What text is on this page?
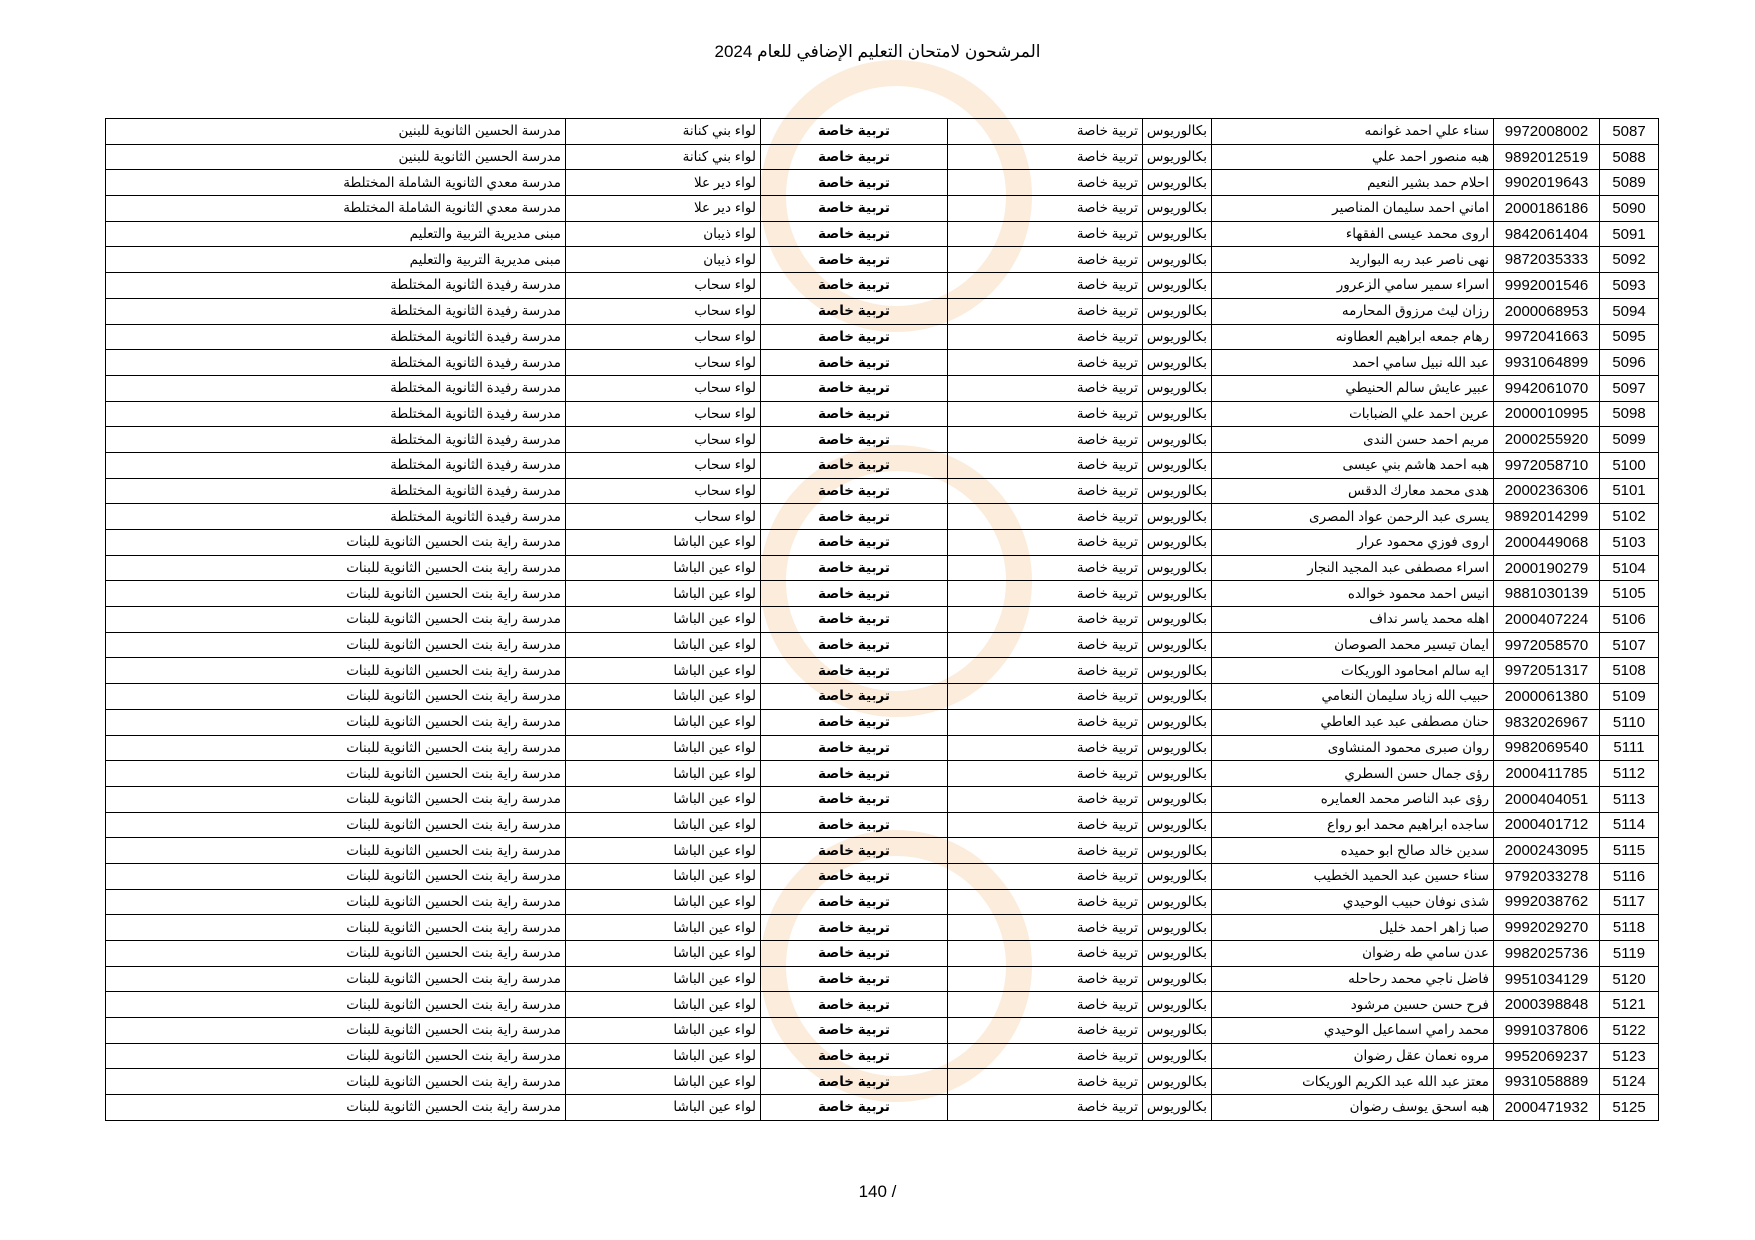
المرشحون لامتحان التعليم الإضافي للعام 2024
5087	9972008002	سناء علي احمد غوانمه	بكالوريوس	تربية خاصة	تربية خاصة	لواء بني كنانة	مدرسة الحسين الثانوية للبنين
5088	9892012519	هبه منصور احمد علي	بكالوريوس	تربية خاصة	تربية خاصة	لواء بني كنانة	مدرسة الحسين الثانوية للبنين
5089	9902019643	احلام حمد بشير النعيم	بكالوريوس	تربية خاصة	تربية خاصة	لواء دير علا	مدرسة معدي الثانوية الشاملة المختلطة
5090	2000186186	اماني احمد سليمان المناصير	بكالوريوس	تربية خاصة	تربية خاصة	لواء دير علا	مدرسة معدي الثانوية الشاملة المختلطة
5091	9842061404	اروى محمد عيسى الفقهاء	بكالوريوس	تربية خاصة	تربية خاصة	لواء ذيبان	مبنى مديرية التربية والتعليم
5092	9872035333	نهى ناصر عبد ربه البواريد	بكالوريوس	تربية خاصة	تربية خاصة	لواء ذيبان	مبنى مديرية التربية والتعليم
5093	9992001546	اسراء سمير سامي الزعرور	بكالوريوس	تربية خاصة	تربية خاصة	لواء سحاب	مدرسة رفيدة الثانوية المختلطة
5094	2000068953	رزان ليث مرزوق المحارمه	بكالوريوس	تربية خاصة	تربية خاصة	لواء سحاب	مدرسة رفيدة الثانوية المختلطة
5095	9972041663	رهام جمعه ابراهيم العطاونه	بكالوريوس	تربية خاصة	تربية خاصة	لواء سحاب	مدرسة رفيدة الثانوية المختلطة
5096	9931064899	عبد الله نبيل سامي احمد	بكالوريوس	تربية خاصة	تربية خاصة	لواء سحاب	مدرسة رفيدة الثانوية المختلطة
5097	9942061070	عبير عايش سالم الحنيطي	بكالوريوس	تربية خاصة	تربية خاصة	لواء سحاب	مدرسة رفيدة الثانوية المختلطة
5098	2000010995	عرين احمد علي الضبابات	بكالوريوس	تربية خاصة	تربية خاصة	لواء سحاب	مدرسة رفيدة الثانوية المختلطة
5099	2000255920	مريم احمد حسن الندى	بكالوريوس	تربية خاصة	تربية خاصة	لواء سحاب	مدرسة رفيدة الثانوية المختلطة
5100	9972058710	هبه احمد هاشم بني عيسى	بكالوريوس	تربية خاصة	تربية خاصة	لواء سحاب	مدرسة رفيدة الثانوية المختلطة
5101	2000236306	هدى محمد معارك الدقس	بكالوريوس	تربية خاصة	تربية خاصة	لواء سحاب	مدرسة رفيدة الثانوية المختلطة
5102	9892014299	يسرى عبد الرحمن عواد المصرى	بكالوريوس	تربية خاصة	تربية خاصة	لواء سحاب	مدرسة رفيدة الثانوية المختلطة
5103	2000449068	اروى فوزي محمود عرار	بكالوريوس	تربية خاصة	تربية خاصة	لواء عين الباشا	مدرسة راية بنت الحسين الثانوية للبنات
5104	2000190279	اسراء مصطفى عبد المجيد النجار	بكالوريوس	تربية خاصة	تربية خاصة	لواء عين الباشا	مدرسة راية بنت الحسين الثانوية للبنات
5105	9881030139	انيس احمد محمود خوالده	بكالوريوس	تربية خاصة	تربية خاصة	لواء عين الباشا	مدرسة راية بنت الحسين الثانوية للبنات
5106	2000407224	اهله محمد ياسر نداف	بكالوريوس	تربية خاصة	تربية خاصة	لواء عين الباشا	مدرسة راية بنت الحسين الثانوية للبنات
5107	9972058570	ايمان تيسير محمد الصوصان	بكالوريوس	تربية خاصة	تربية خاصة	لواء عين الباشا	مدرسة راية بنت الحسين الثانوية للبنات
5108	9972051317	ايه سالم امحامود الوريكات	بكالوريوس	تربية خاصة	تربية خاصة	لواء عين الباشا	مدرسة راية بنت الحسين الثانوية للبنات
5109	2000061380	حبيب الله زياد سليمان النعامي	بكالوريوس	تربية خاصة	تربية خاصة	لواء عين الباشا	مدرسة راية بنت الحسين الثانوية للبنات
5110	9832026967	حنان مصطفى عبد عبد العاطي	بكالوريوس	تربية خاصة	تربية خاصة	لواء عين الباشا	مدرسة راية بنت الحسين الثانوية للبنات
5111	9982069540	روان صبرى محمود المنشاوى	بكالوريوس	تربية خاصة	تربية خاصة	لواء عين الباشا	مدرسة راية بنت الحسين الثانوية للبنات
5112	2000411785	رؤى جمال حسن السطري	بكالوريوس	تربية خاصة	تربية خاصة	لواء عين الباشا	مدرسة راية بنت الحسين الثانوية للبنات
5113	2000404051	رؤى عبد الناصر محمد العمايره	بكالوريوس	تربية خاصة	تربية خاصة	لواء عين الباشا	مدرسة راية بنت الحسين الثانوية للبنات
5114	2000401712	ساجده ابراهيم محمد ابو رواع	بكالوريوس	تربية خاصة	تربية خاصة	لواء عين الباشا	مدرسة راية بنت الحسين الثانوية للبنات
5115	2000243095	سدين خالد صالح ابو حميده	بكالوريوس	تربية خاصة	تربية خاصة	لواء عين الباشا	مدرسة راية بنت الحسين الثانوية للبنات
5116	9792033278	سناء حسين عبد الحميد الخطيب	بكالوريوس	تربية خاصة	تربية خاصة	لواء عين الباشا	مدرسة راية بنت الحسين الثانوية للبنات
5117	9992038762	شذى نوفان حبيب الوحيدي	بكالوريوس	تربية خاصة	تربية خاصة	لواء عين الباشا	مدرسة راية بنت الحسين الثانوية للبنات
5118	9992029270	صبا زاهر احمد خليل	بكالوريوس	تربية خاصة	تربية خاصة	لواء عين الباشا	مدرسة راية بنت الحسين الثانوية للبنات
5119	9982025736	عدن سامي طه رضوان	بكالوريوس	تربية خاصة	تربية خاصة	لواء عين الباشا	مدرسة راية بنت الحسين الثانوية للبنات
5120	9951034129	فاضل ناجي محمد رحاحله	بكالوريوس	تربية خاصة	تربية خاصة	لواء عين الباشا	مدرسة راية بنت الحسين الثانوية للبنات
5121	2000398848	فرح حسن حسين مرشود	بكالوريوس	تربية خاصة	تربية خاصة	لواء عين الباشا	مدرسة راية بنت الحسين الثانوية للبنات
5122	9991037806	محمد رامي اسماعيل الوحيدي	بكالوريوس	تربية خاصة	تربية خاصة	لواء عين الباشا	مدرسة راية بنت الحسين الثانوية للبنات
5123	9952069237	مروه نعمان عقل رضوان	بكالوريوس	تربية خاصة	تربية خاصة	لواء عين الباشا	مدرسة راية بنت الحسين الثانوية للبنات
5124	9931058889	معتز عبد الله عبد الكريم الوريكات	بكالوريوس	تربية خاصة	تربية خاصة	لواء عين الباشا	مدرسة راية بنت الحسين الثانوية للبنات
5125	2000471932	هبه اسحق يوسف رضوان	بكالوريوس	تربية خاصة	تربية خاصة	لواء عين الباشا	مدرسة راية بنت الحسين الثانوية للبنات
140 /
